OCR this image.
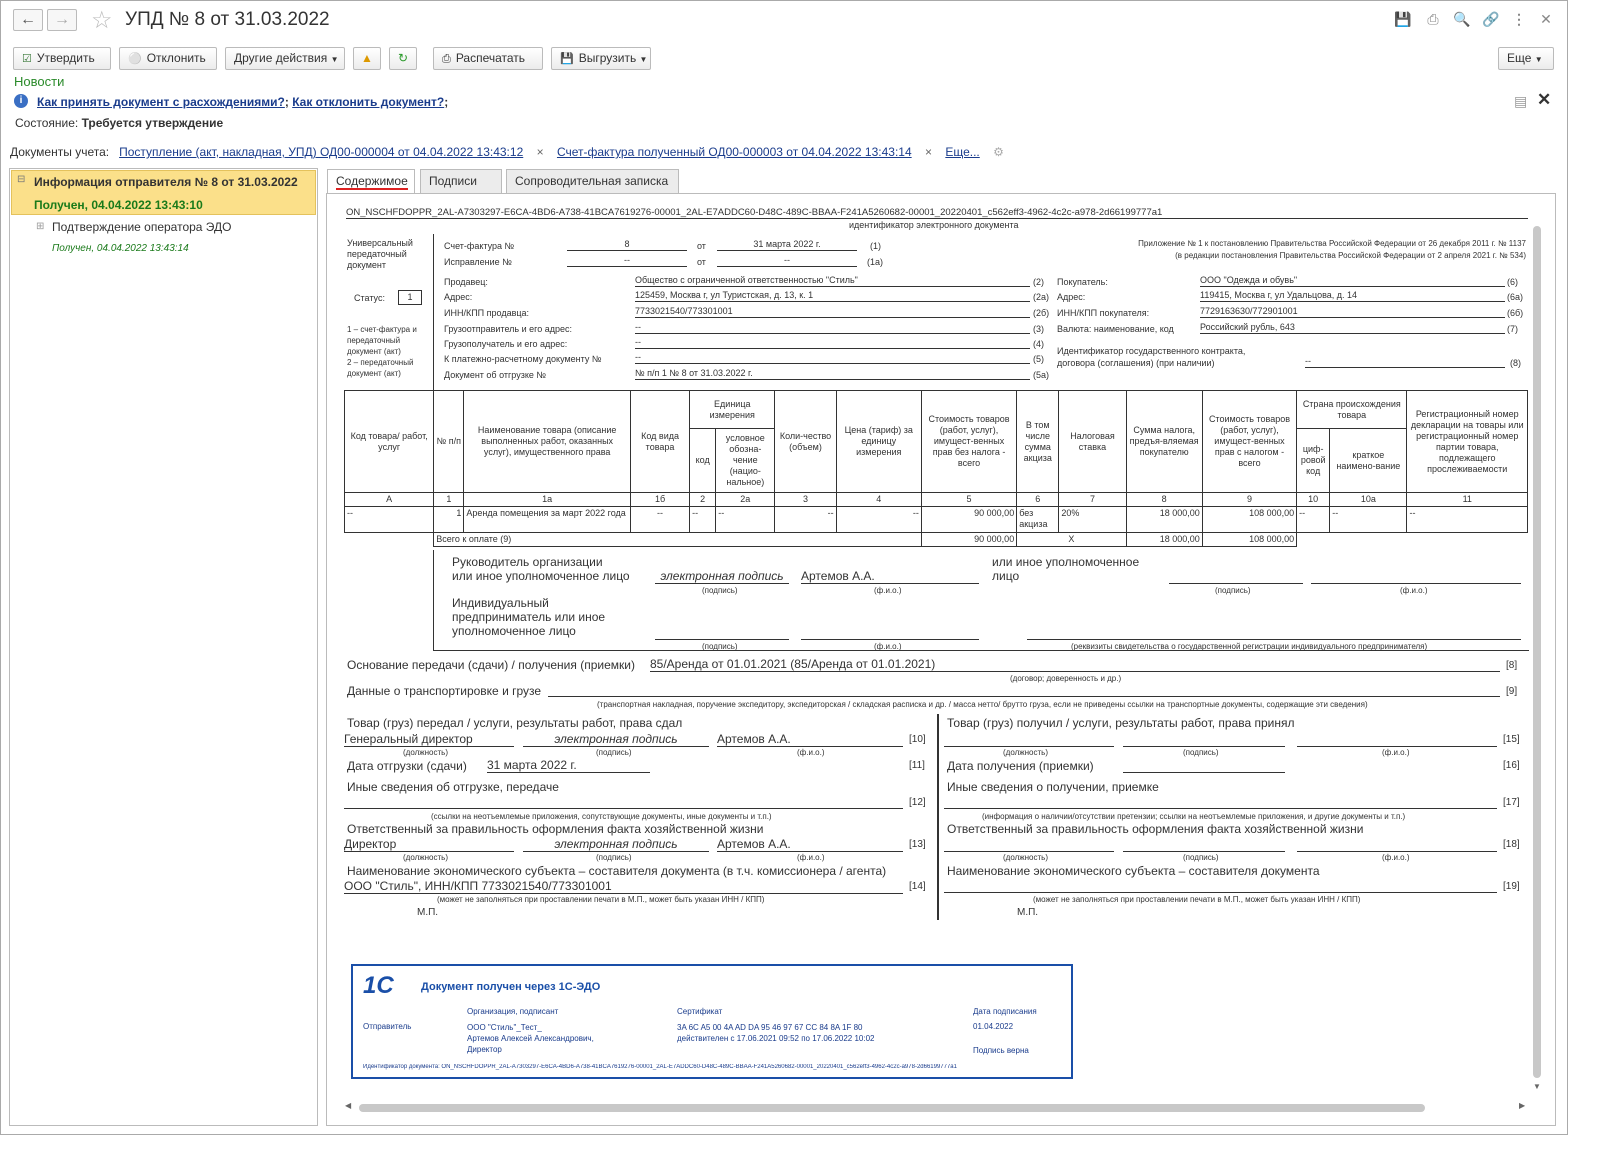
←	→ ☆ УПД № 8 от 31.03.2022	💾	⎙	🔍 🔗 ⋮ ✕
☑ Утвердить	⚪ Отклонить	Другие действия ▼	▲	↻	⎙ Распечатать	💾 Выгрузить ▼	Еще ▼
Новости
i	Как принять документ с расхождениями?; Как отклонить документ?;	▤ ✕
Состояние: Требуется утверждение
Документы учета: Поступление (акт, накладная, УПД) ОД00-000004 от 04.04.2022 13:43:12 × Счет-фактура полученный ОД00-000003 от 04.04.2022 13:43:14 × Еще... ⚙
⊟ Информация отправителя № 8 от 31.03.2022
Получен, 04.04.2022 13:43:10
⊞ Подтверждение оператора ЭДО
Получен, 04.04.2022 13:43:14
Содержимое	Подписи	Сопроводительная записка
ON_NSCHFDOPPR_2AL-A7303297-E6CA-4BD6-A738-41BCA7619276-00001_2AL-E7ADDC60-D48C-489C-BBAA-F241A5260682-00001_20220401_c562eff3-4962-4c2c-a978-2d66199777a1
идентификатор электронного документа
Универсальный
передаточный
документ
Статус:	1
1 – счет-фактура и
передаточный
документ (акт)
2 – передаточный
документ (акт)
Счет-фактура №	8	от	31 марта 2022 г.	(1)
Исправление №	--	от	--	(1а)
Приложение № 1 к постановлению Правительства Российской Федерации от 26 декабря 2011 г. № 1137
(в редакции постановления Правительства Российской Федерации от 2 апреля 2021 г. № 534)
Продавец:	Общество с ограниченной ответственностью "Стиль"	(2)
Адрес:	125459, Москва г, ул Туристская, д. 13, к. 1	(2а)
ИНН/КПП продавца:	7733021540/773301001	(2б)
Грузоотправитель и его адрес:	--	(3)
Грузополучатель и его адрес:	--	(4)
К платежно-расчетному документу №	--	(5)
Документ об отгрузке №	№ п/п 1 № 8 от 31.03.2022 г.	(5а)
Покупатель:	ООО "Одежда и обувь"	(6)
Адрес:	119415, Москва г, ул Удальцова, д. 14	(6а)
ИНН/КПП покупателя:	7729163630/772901001	(6б)
Валюта: наименование, код	Российский рубль, 643	(7)
Идентификатор государственного контракта,
договора (соглашения) (при наличии)	--	(8)
Код товара/ работ, услуг	№ п/п	Наименование товара (описание выполненных работ, оказанных услуг), имущественного права	Код вида товара	Единица измерения		Коли-чество (объем)	Цена (тариф) за единицу измерения	Стоимость товаров (работ, услуг), имущест-венных прав без налога - всего	В том числе сумма акциза	Налоговая ставка	Сумма налога, предъя-вляемая покупателю	Стоимость товаров (работ, услуг), имущест-венных прав с налогом - всего	Страна происхождения товара		Регистрационный номер декларации на товары или регистрационный номер партии товара, подлежащего прослеживаемости
				код	условное обозна-чение (нацио-нальное)								циф-ровой код	краткое наимено-вание	
А	1	1а	1б	2	2а	3	4	5	6	7	8	9	10	10а	11
--	1	Аренда помещения за март 2022 года	--	--	--	--	--	90 000,00	без акциза	20%	18 000,00	108 000,00	--	--	--
	Всего к оплате (9)							90 000,00	Х		18 000,00	108 000,00			
Руководитель организации
или иное уполномоченное лицо	электронная подпись	Артемов А.А.
(подпись)	(ф.и.о.)
или иное уполномоченное
лицо
(подпись)	(ф.и.о.)
Индивидуальный
предприниматель или иное
уполномоченное лицо
(подпись)	(ф.и.о.)	(реквизиты свидетельства о государственной регистрации индивидуального предпринимателя)
Основание передачи (сдачи) / получения (приемки) 85/Аренда от 01.01.2021 (85/Аренда от 01.01.2021)	[8]
(договор; доверенность и др.)
Данные о транспортировке и грузе	[9]
(транспортная накладная, поручение экспедитору, экспедиторская / складская расписка и др. / масса нетто/ брутто груза, если не приведены ссылки на транспортные документы, содержащие эти сведения)
Товар (груз) передал / услуги, результаты работ, права сдал
Генеральный директор	электронная подпись	Артемов А.А.	[10]
(должность)	(подпись)	(ф.и.о.)
Дата отгрузки (сдачи) 31 марта 2022 г.	[11]
Иные сведения об отгрузке, передаче
[12]
(ссылки на неотъемлемые приложения, сопутствующие документы, иные документы и т.п.)
Ответственный за правильность оформления факта хозяйственной жизни
Директор	электронная подпись	Артемов А.А.	[13]
(должность)	(подпись)	(ф.и.о.)
Наименование экономического субъекта – составителя документа (в т.ч. комиссионера / агента)
ООО "Стиль", ИНН/КПП 7733021540/773301001	[14]
(может не заполняться при проставлении печати в М.П., может быть указан ИНН / КПП)
М.П.
Товар (груз) получил / услуги, результаты работ, права принял
[15]
(должность)	(подпись)	(ф.и.о.)
Дата получения (приемки)	[16]
Иные сведения о получении, приемке
[17]
(информация о наличии/отсутствии претензии; ссылки на неотъемлемые приложения, и другие документы и т.п.)
Ответственный за правильность оформления факта хозяйственной жизни
[18]
(должность)	(подпись)	(ф.и.о.)
Наименование экономического субъекта – составителя документа
[19]
(может не заполняться при проставлении печати в М.П., может быть указан ИНН / КПП)
М.П.
1С Документ получен через 1С-ЭДО
Организация, подписант	Сертификат	Дата подписания
Отправитель	ООО "Стиль"_Тест_
Артемов Алексей Александрович,
Директор
3A 6C A5 00 4A AD DA 95 46 97 67 CC 84 8A 1F 80
действителен с 17.06.2021 09:52 по 17.06.2022 10:02
01.04.2022
Подпись верна
Идентификатор документа: ON_NSCHFDOPPR_2AL-A7303297-E6CA-4BD6-A738-41BCA7619276-00001_2AL-E7ADDC60-D48C-489C-BBAA-F241A5260682-00001_20220401_c562eff3-4962-4c2c-a978-2d66199777a1
▼
◀	▶
